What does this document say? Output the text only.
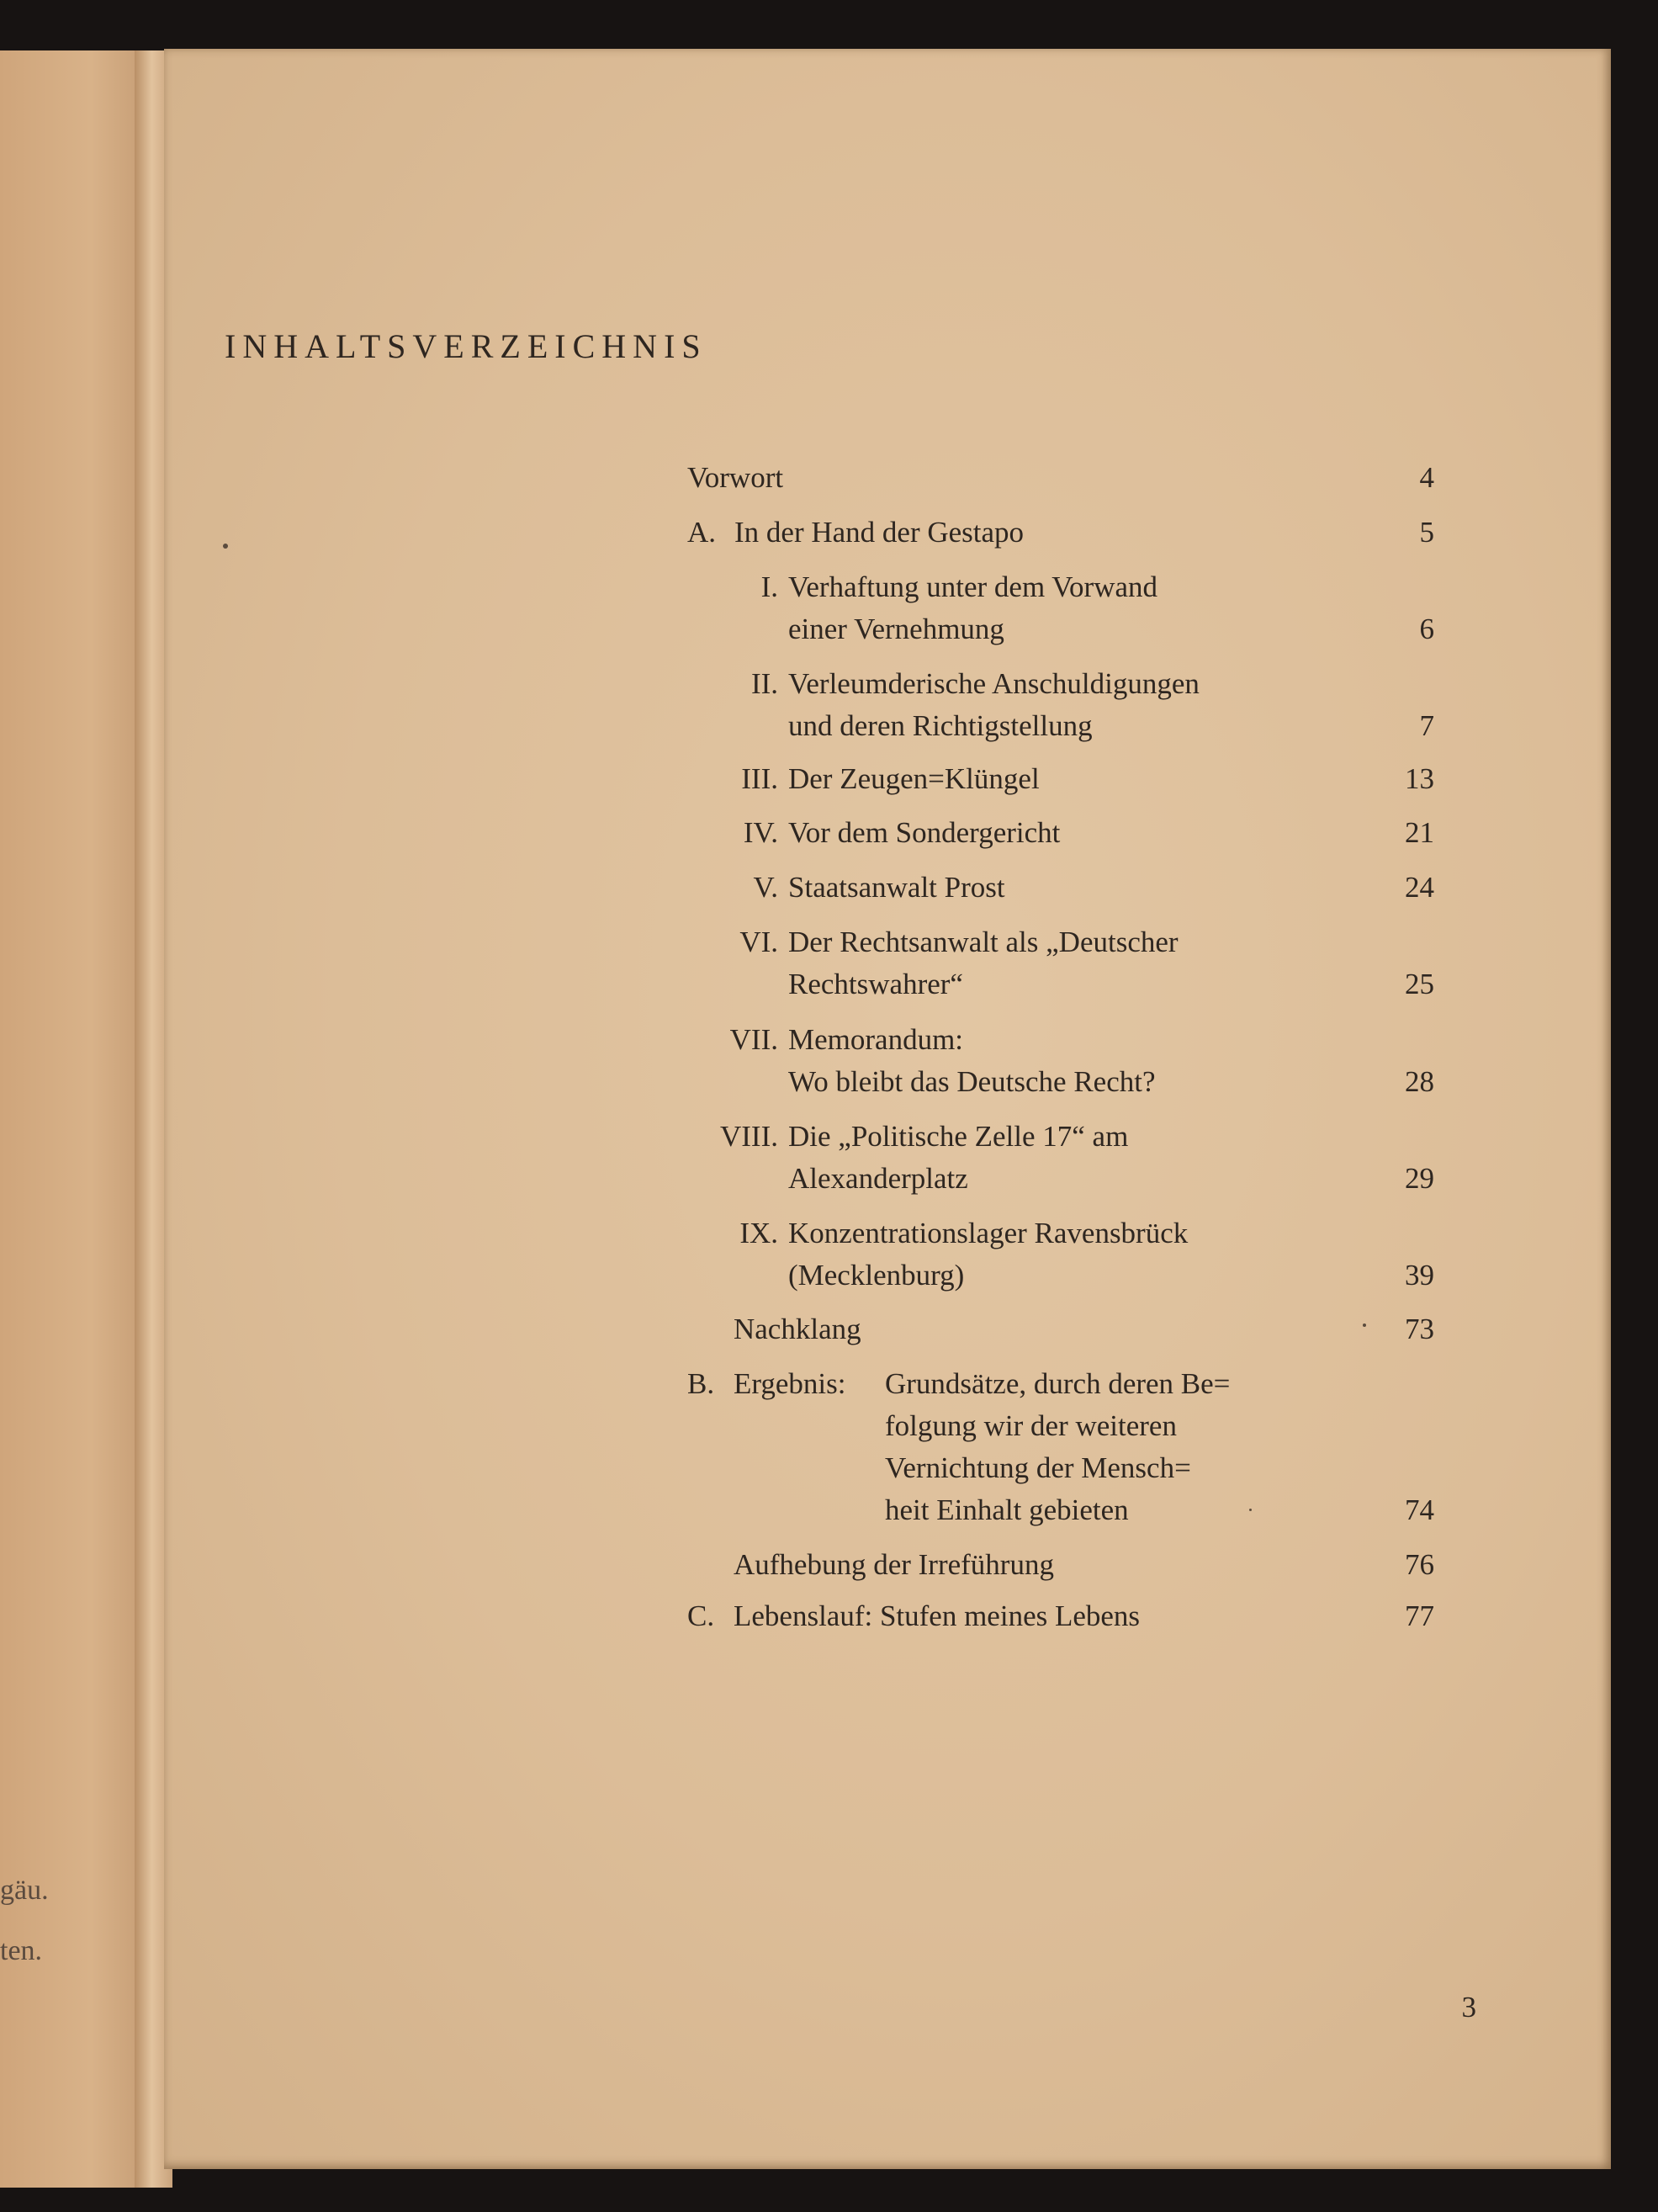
gäu.
ten.
INHALTSVERZEICHNIS
Vorwort	4
A. In der Hand der Gestapo	5
I. Verhaftung unter dem Vorwand
einer Vernehmung	6
II. Verleumderische Anschuldigungen
und deren Richtigstellung	7
III. Der Zeugen=Klüngel	13
IV. Vor dem Sondergericht	21
V. Staatsanwalt Prost	24
VI. Der Rechtsanwalt als „Deutscher
Rechtswahrer“	25
VII. Memorandum:
Wo bleibt das Deutsche Recht?	28
VIII. Die „Politische Zelle 17“ am
Alexanderplatz	29
IX. Konzentrationslager Ravensbrück
(Mecklenburg)	39
Nachklang	73
B. Ergebnis: Grundsätze, durch deren Be=
folgung wir der weiteren
Vernichtung der Mensch=
heit Einhalt gebieten	74
Aufhebung der Irreführung	76
C. Lebenslauf: Stufen meines Lebens	77
3
